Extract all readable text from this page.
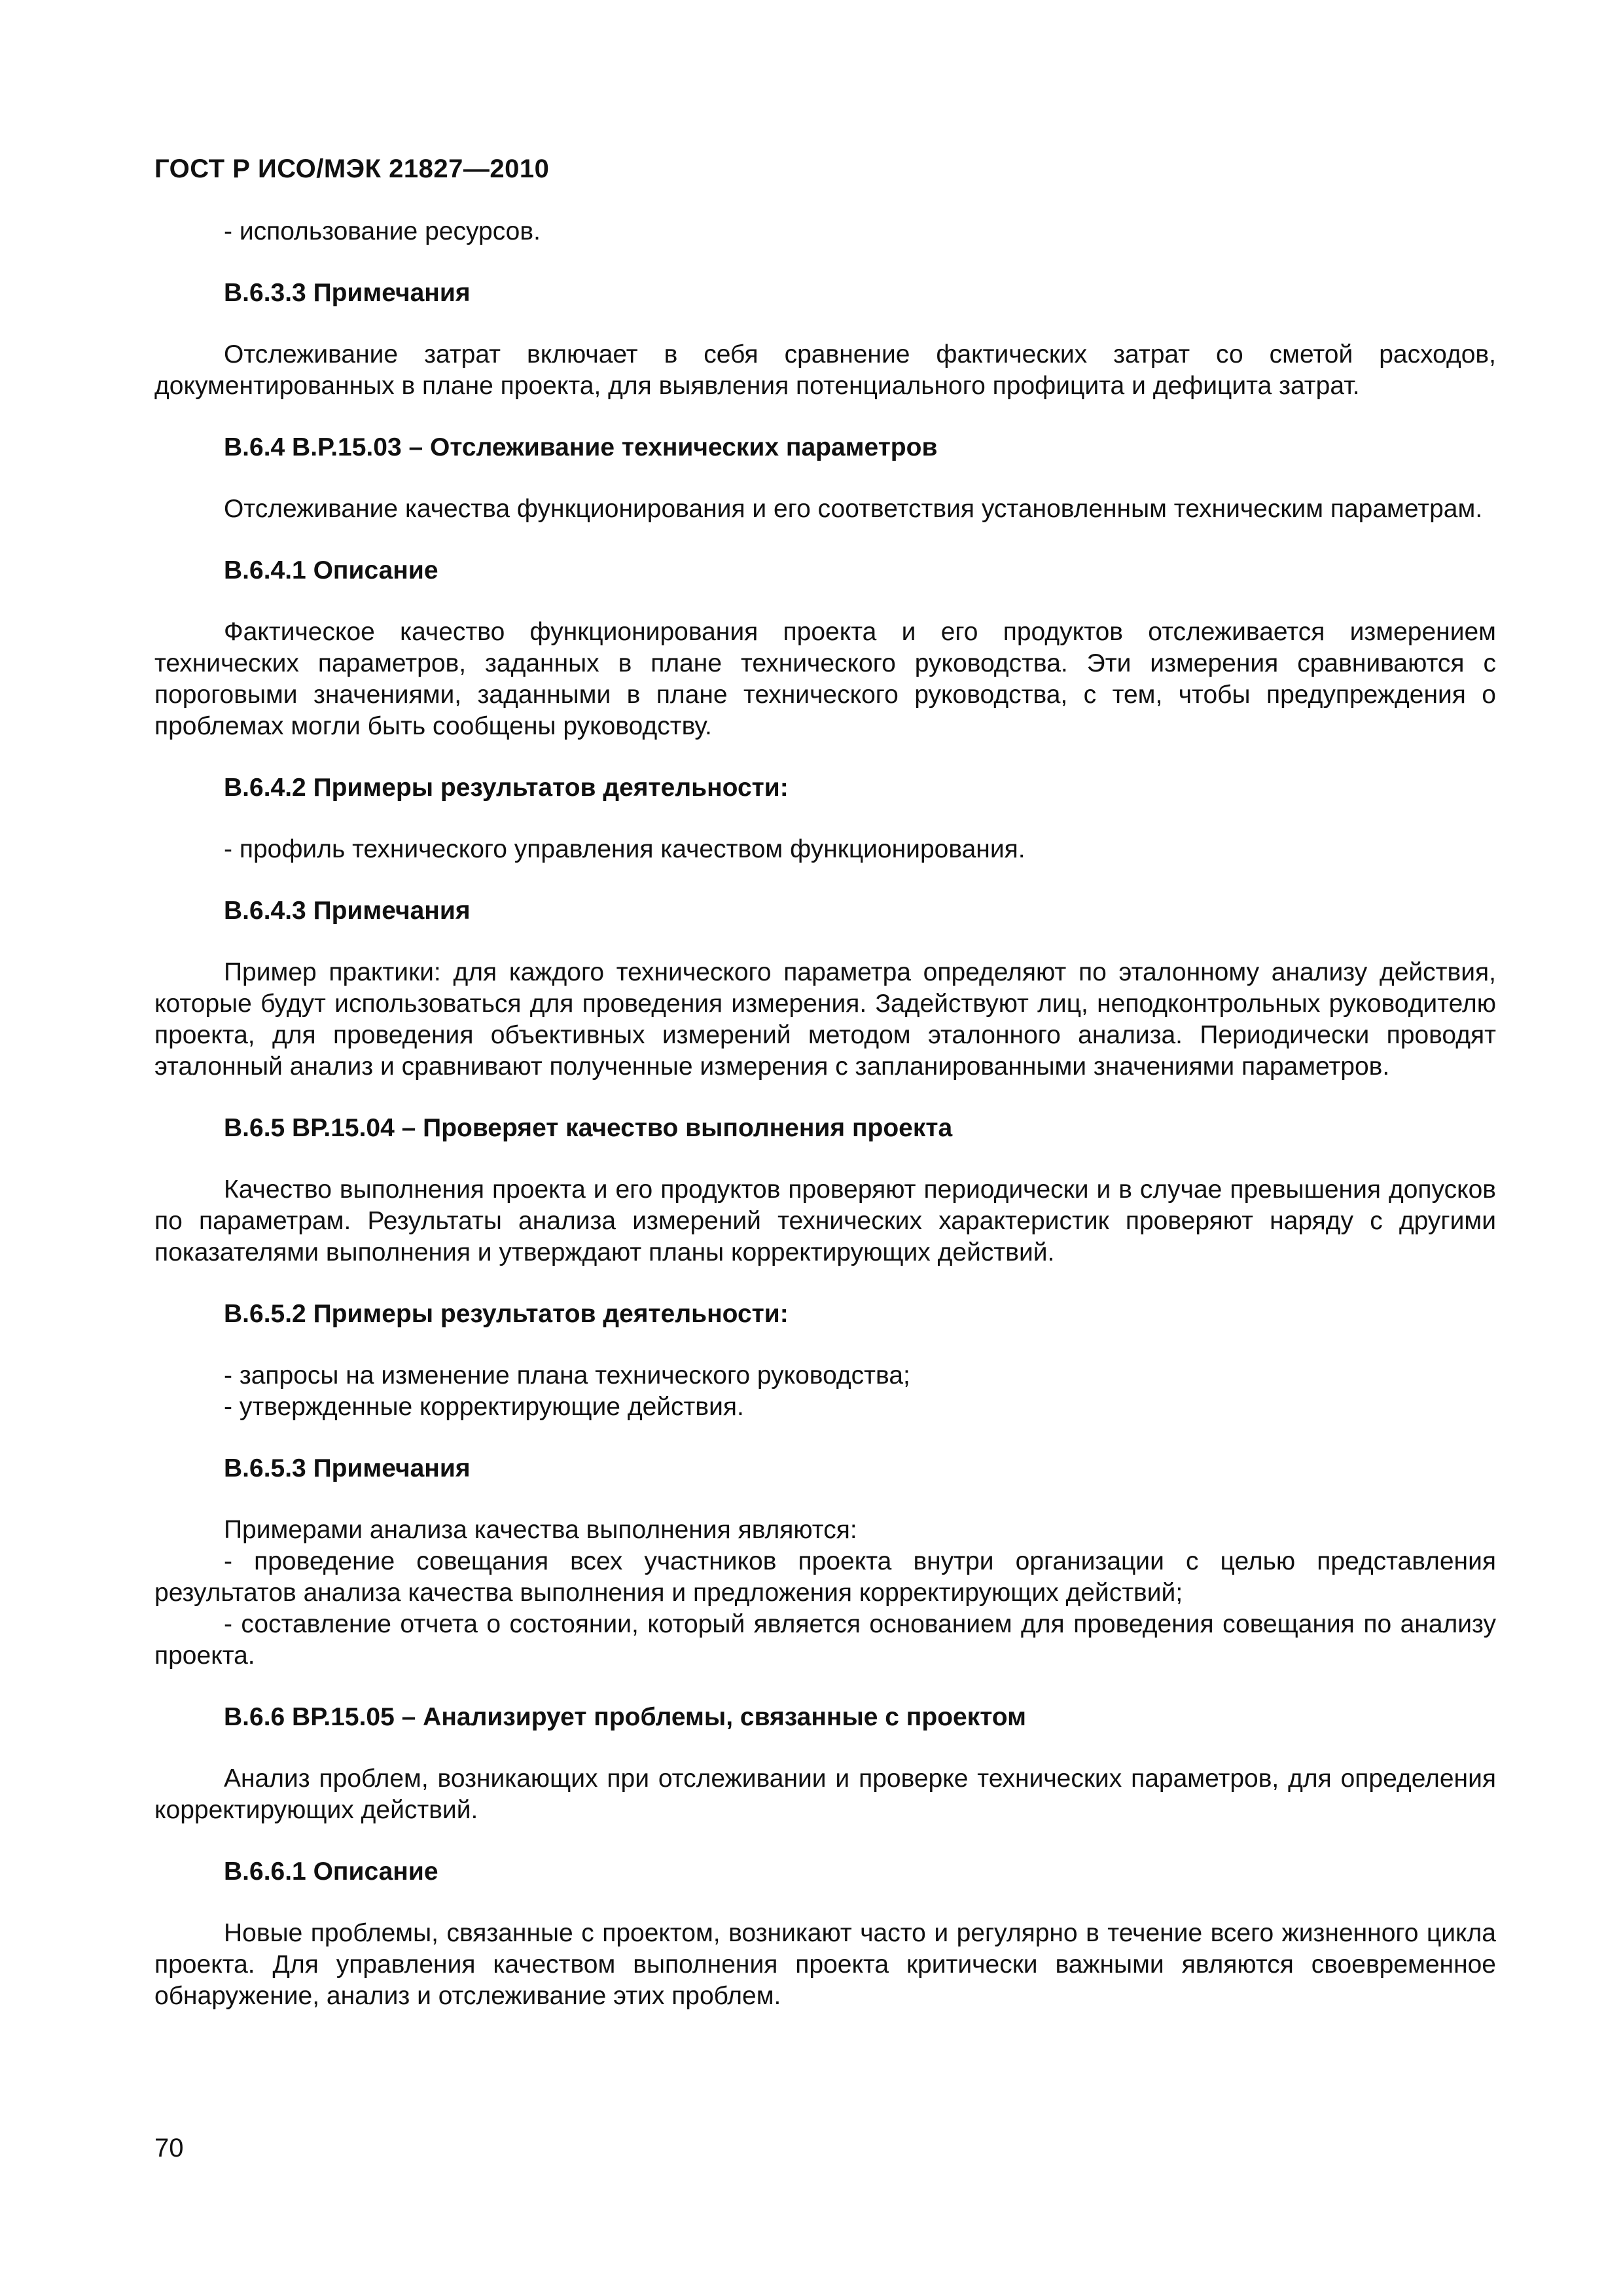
ГОСТ Р ИСО/МЭК 21827—2010

- использование ресурсов.

В.6.3.3 Примечания

Отслеживание затрат включает в себя сравнение фактических затрат со сметой расходов, документированных в плане проекта, для выявления потенциального профицита и дефицита затрат.

В.6.4 В.Р.15.03 – Отслеживание технических параметров

Отслеживание качества функционирования и его соответствия установленным техническим параметрам.

В.6.4.1 Описание

Фактическое качество функционирования проекта и его продуктов отслеживается измерением технических параметров, заданных в плане технического руководства. Эти измерения сравниваются с пороговыми значениями, заданными в плане технического руководства, с тем, чтобы предупреждения о проблемах могли быть сообщены руководству.

В.6.4.2 Примеры результатов деятельности:

- профиль технического управления качеством функционирования.

В.6.4.3 Примечания

Пример практики: для каждого технического параметра определяют по эталонному анализу действия, которые будут использоваться для проведения измерения. Задействуют лиц, неподконтрольных руководителю проекта, для проведения объективных измерений методом эталонного анализа. Периодически проводят эталонный анализ и сравнивают полученные измерения с запланированными значениями параметров.

В.6.5 ВР.15.04 – Проверяет качество выполнения проекта

Качество выполнения проекта и его продуктов проверяют периодически и в случае превышения допусков по параметрам. Результаты анализа измерений технических характеристик проверяют наряду с другими показателями выполнения и утверждают планы корректирующих действий.

В.6.5.2 Примеры результатов деятельности:

- запросы на изменение плана технического руководства;

- утвержденные корректирующие действия.

В.6.5.3 Примечания

Примерами анализа качества выполнения являются:

- проведение совещания всех участников проекта внутри организации с целью представления результатов анализа качества выполнения и предложения корректирующих действий;

- составление отчета о состоянии, который является основанием для проведения совещания по анализу проекта.

В.6.6 ВР.15.05 – Анализирует проблемы, связанные с проектом

Анализ проблем, возникающих при отслеживании и проверке технических параметров, для определения корректирующих действий.

В.6.6.1 Описание

Новые проблемы, связанные с проектом, возникают часто и регулярно в течение всего жизненного цикла проекта. Для управления качеством выполнения проекта критически важными являются своевременное обнаружение, анализ и отслеживание этих проблем.

70
